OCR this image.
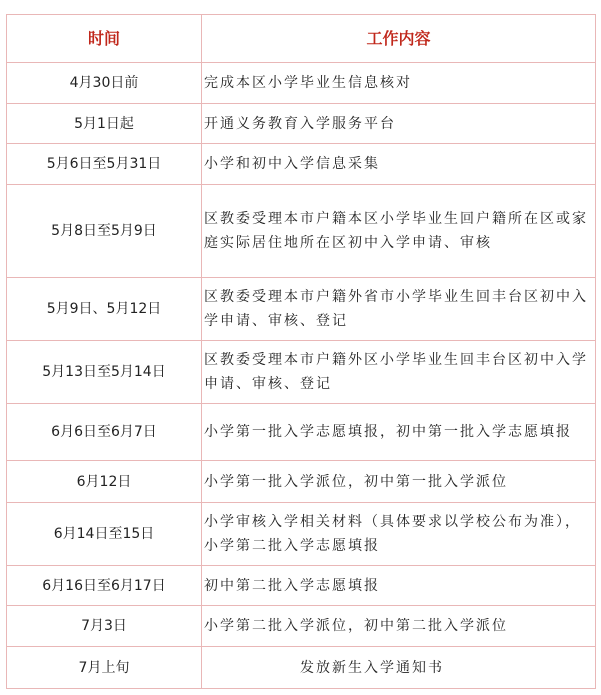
时间	工作内容
4月30日前	完成本区小学毕业生信息核对
5月1日起	开通义务教育入学服务平台
5月6日至5月31日	小学和初中入学信息采集
5月8日至5月9日	区教委受理本市户籍本区小学毕业生回户籍所在区或家庭实际居住地所在区初中入学申请、审核
5月9日、5月12日	区教委受理本市户籍外省市小学毕业生回丰台区初中入学申请、审核、登记
5月13日至5月14日	区教委受理本市户籍外区小学毕业生回丰台区初中入学申请、审核、登记
6月6日至6月7日	小学第一批入学志愿填报，初中第一批入学志愿填报
6月12日	小学第一批入学派位，初中第一批入学派位
6月14日至15日	小学审核入学相关材料（具体要求以学校公布为准），小学第二批入学志愿填报
6月16日至6月17日	初中第二批入学志愿填报
7月3日	小学第二批入学派位，初中第二批入学派位
7月上旬	发放新生入学通知书
